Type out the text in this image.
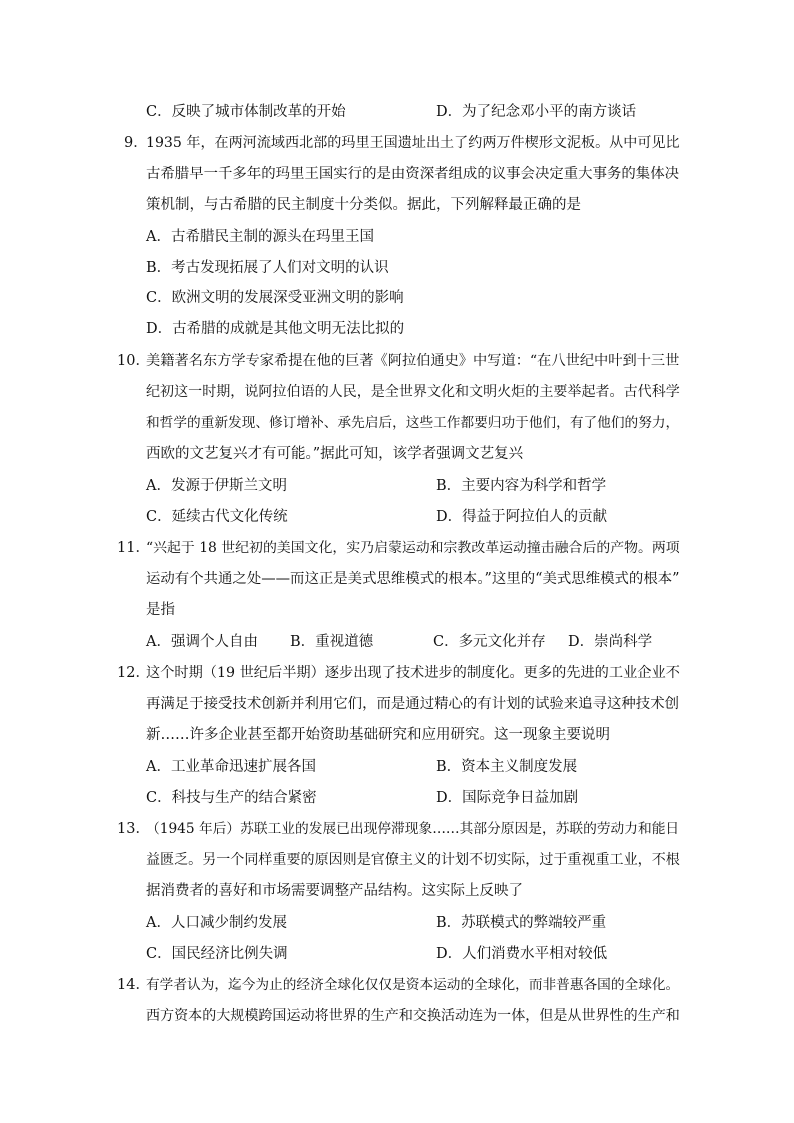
C．反映了城市体制改革的开始	D．为了纪念邓小平的南方谈话
9．
1935 年，在两河流域西北部的玛里王国遗址出土了约两万件楔形文泥板。从中可见比
古希腊早一千多年的玛里王国实行的是由资深者组成的议事会决定重大事务的集体决
策机制，与古希腊的民主制度十分类似。据此，下列解释最正确的是
A．古希腊民主制的源头在玛里王国
B．考古发现拓展了人们对文明的认识
C．欧洲文明的发展深受亚洲文明的影响
D．古希腊的成就是其他文明无法比拟的
10．
美籍著名东方学专家希提在他的巨著《阿拉伯通史》中写道：“在八世纪中叶到十三世
纪初这一时期，说阿拉伯语的人民，是全世界文化和文明火炬的主要举起者。古代科学
和哲学的重新发现、修订增补、承先启后，这些工作都要归功于他们，有了他们的努力，
西欧的文艺复兴才有可能。”据此可知，该学者强调文艺复兴
A．发源于伊斯兰文明	B．主要内容为科学和哲学
C．延续古代文化传统	D．得益于阿拉伯人的贡献
11．
“兴起于 18 世纪初的美国文化，实乃启蒙运动和宗教改革运动撞击融合后的产物。两项
运动有个共通之处——而这正是美式思维模式的根本。”这里的“美式思维模式的根本”
是指
A．强调个人自由 B．重视道德	C．多元文化并存 D．崇尚科学
12．
这个时期（19 世纪后半期）逐步出现了技术进步的制度化。更多的先进的工业企业不
再满足于接受技术创新并利用它们，而是通过精心的有计划的试验来追寻这种技术创
新……许多企业甚至都开始资助基础研究和应用研究。这一现象主要说明
A．工业革命迅速扩展各国	B．资本主义制度发展
C．科技与生产的结合紧密	D．国际竞争日益加剧
13．
（1945 年后）苏联工业的发展已出现停滞现象……其部分原因是，苏联的劳动力和能日
益匮乏。另一个同样重要的原因则是官僚主义的计划不切实际，过于重视重工业，不根
据消费者的喜好和市场需要调整产品结构。这实际上反映了
A．人口减少制约发展	B．苏联模式的弊端较严重
C．国民经济比例失调	D．人们消费水平相对较低
14．
有学者认为，迄今为止的经济全球化仅仅是资本运动的全球化，而非普惠各国的全球化。
西方资本的大规模跨国运动将世界的生产和交换活动连为一体，但是从世界性的生产和
